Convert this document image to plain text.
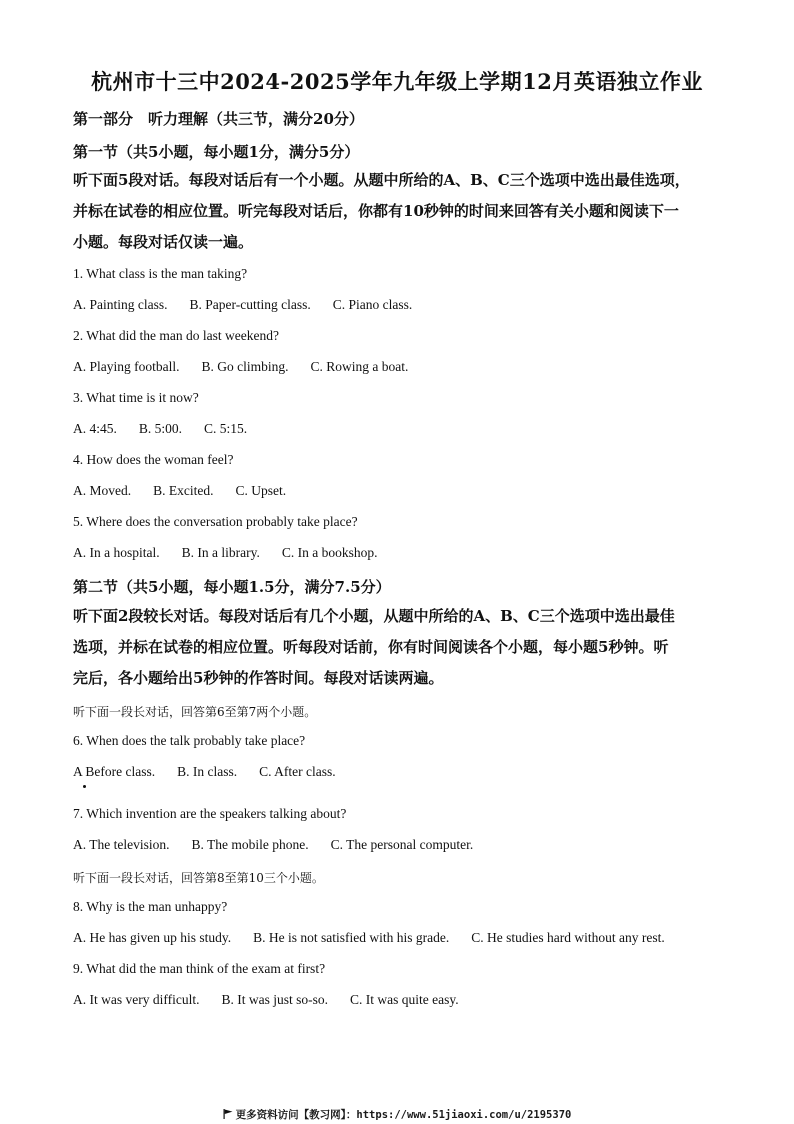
杭州市十三中2024-2025学年九年级上学期12月英语独立作业
第一部分　听力理解（共三节，满分20分）
第一节（共5小题，每小题1分，满分5分）
听下面5段对话。每段对话后有一个小题。从题中所给的A、B、C三个选项中选出最佳选项，
并标在试卷的相应位置。听完每段对话后，你都有10秒钟的时间来回答有关小题和阅读下一
小题。每段对话仅读一遍。
1. What class is the man taking?
A. Painting class. B. Paper-cutting class. C. Piano class.
2. What did the man do last weekend?
A. Playing football. B. Go climbing. C. Rowing a boat.
3. What time is it now?
A. 4:45. B. 5:00. C. 5:15.
4. How does the woman feel?
A. Moved. B. Excited. C. Upset.
5. Where does the conversation probably take place?
A. In a hospital. B. In a library. C. In a bookshop.
第二节（共5小题，每小题1.5分，满分7.5分）
听下面2段较长对话。每段对话后有几个小题，从题中所给的A、B、C三个选项中选出最佳
选项，并标在试卷的相应位置。听每段对话前，你有时间阅读各个小题，每小题5秒钟。听
完后，各小题给出5秒钟的作答时间。每段对话读两遍。
听下面一段长对话，回答第6至第7两个小题。
6. When does the talk probably take place?
A Before class. B. In class. C. After class.
7. Which invention are the speakers talking about?
A. The television. B. The mobile phone. C. The personal computer.
听下面一段长对话，回答第8至第10三个小题。
8. Why is the man unhappy?
A. He has given up his study. B. He is not satisfied with his grade. C. He studies hard without any rest.
9. What did the man think of the exam at first?
A. It was very difficult. B. It was just so-so. C. It was quite easy.
更多资料访问【教习网】：https://www.51jiaoxi.com/u/2195370
